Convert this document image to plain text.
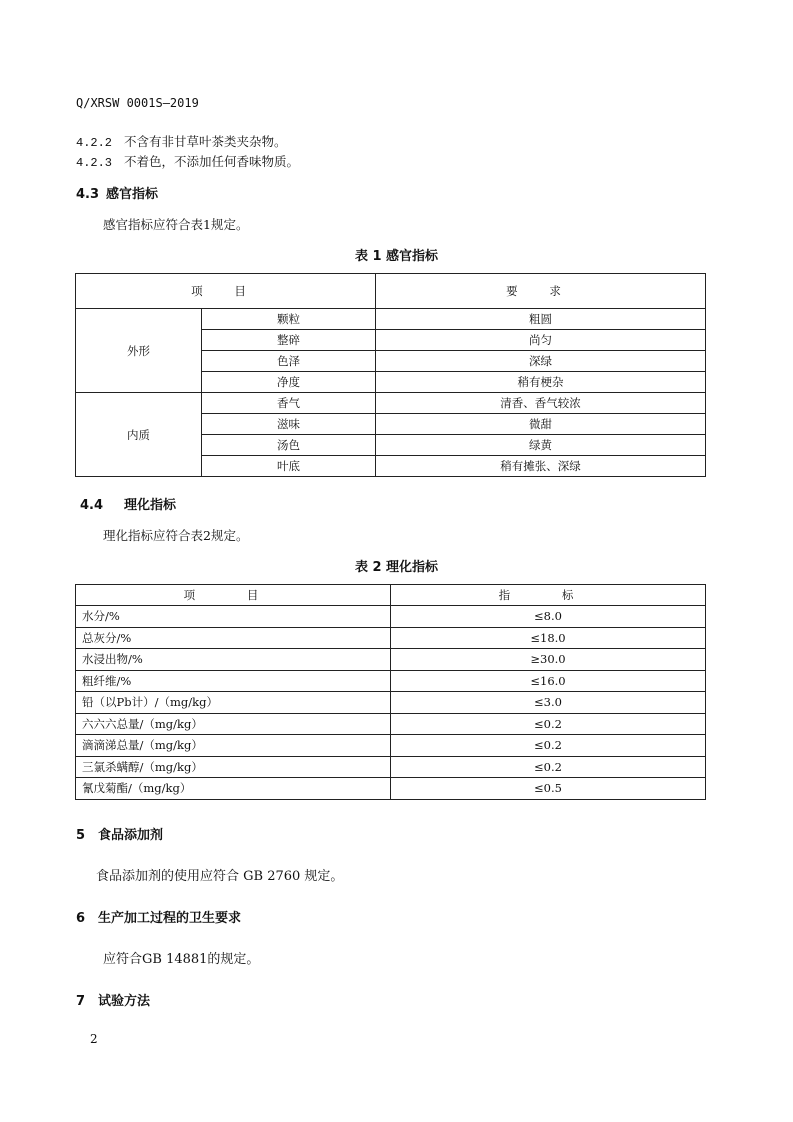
Q/XRSW 0001S—2019
4.2.2 不含有非甘草叶茶类夹杂物。
4.2.3 不着色，不添加任何香味物质。
4.3 感官指标
感官指标应符合表1规定。
表 1 感官指标
项 目		要 求
外形	颗粒	粗圆
	整碎	尚匀
	色泽	深绿
	净度	稍有梗杂
内质	香气	清香、香气较浓
	滋味	微甜
	汤色	绿黄
	叶底	稍有摊张、深绿
4.4 理化指标
理化指标应符合表2规定。
表 2 理化指标
项 目	指 标
水分/%	≤8.0
总灰分/%	≤18.0
水浸出物/%	≥30.0
粗纤维/%	≤16.0
铅（以Pb计）/（mg/kg）	≤3.0
六六六总量/（mg/kg）	≤0.2
滴滴涕总量/（mg/kg）	≤0.2
三氯杀螨醇/（mg/kg）	≤0.2
氰戊菊酯/（mg/kg）	≤0.5
5 食品添加剂
食品添加剂的使用应符合 GB 2760 规定。
6 生产加工过程的卫生要求
应符合GB 14881的规定。
7 试验方法
2
